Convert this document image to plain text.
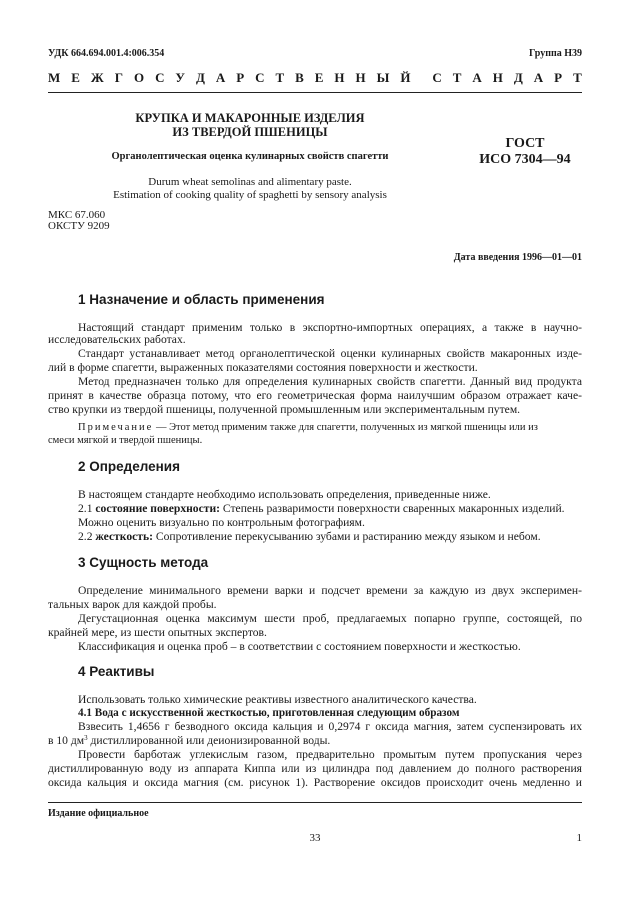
УДК 664.694.001.4:006.354	Группа Н39
М Е Ж Г О С У Д А Р С Т В Е Н Н Ы Й С Т А Н Д А Р Т
КРУПКА И МАКАРОННЫЕ ИЗДЕЛИЯ
ИЗ ТВЕРДОЙ ПШЕНИЦЫ
Органолептическая оценка кулинарных свойств спагетти
ГОСТ
ИСО 7304—94
Durum wheat semolinas and alimentary paste.
Estimation of cooking quality of spaghetti by sensory analysis
МКС 67.060
ОКСТУ 9209
Дата введения 1996—01—01
1 Назначение и область применения
Настоящий стандарт применим только в экспортно-импортных операциях, а также в научно-
исследовательских работах.
Стандарт устанавливает метод органолептической оценки кулинарных свойств макаронных изде-
лий в форме спагетти, выраженных показателями состояния поверхности и жесткости.
Метод предназначен только для определения кулинарных свойств спагетти. Данный вид продукта
принят в качестве образца потому, что его геометрическая форма наилучшим образом отражает каче-
ство крупки из твердой пшеницы, полученной промышленным или экспериментальным путем.
Примечание — Этот метод применим также для спагетти, полученных из мягкой пшеницы или из
смеси мягкой и твердой пшеницы.
2 Определения
В настоящем стандарте необходимо использовать определения, приведенные ниже.
2.1 состояние поверхности: Степень разваримости поверхности сваренных макаронных изделий.
Можно оценить визуально по контрольным фотографиям.
2.2 жесткость: Сопротивление перекусыванию зубами и растиранию между языком и небом.
3 Сущность метода
Определение минимального времени варки и подсчет времени за каждую из двух эксперимен-
тальных варок для каждой пробы.
Дегустационная оценка максимум шести проб, предлагаемых попарно группе, состоящей, по
крайней мере, из шести опытных экспертов.
Классификация и оценка проб – в соответствии с состоянием поверхности и жесткостью.
4 Реактивы
Использовать только химические реактивы известного аналитического качества.
4.1 Вода с искусственной жесткостью, приготовленная следующим образом
Взвесить 1,4656 г безводного оксида кальция и 0,2974 г оксида магния, затем суспензировать их
в 10 $дм^3$ дистиллированной или деионизированной воды.
Провести барботаж углекислым газом, предварительно промытым путем пропускания через
дистиллированную воду из аппарата Киппа или из цилиндра под давлением до полного растворения
оксида кальция и оксида магния (см. рисунок 1). Растворение оксидов происходит очень медленно и
Издание официальное
33	1
